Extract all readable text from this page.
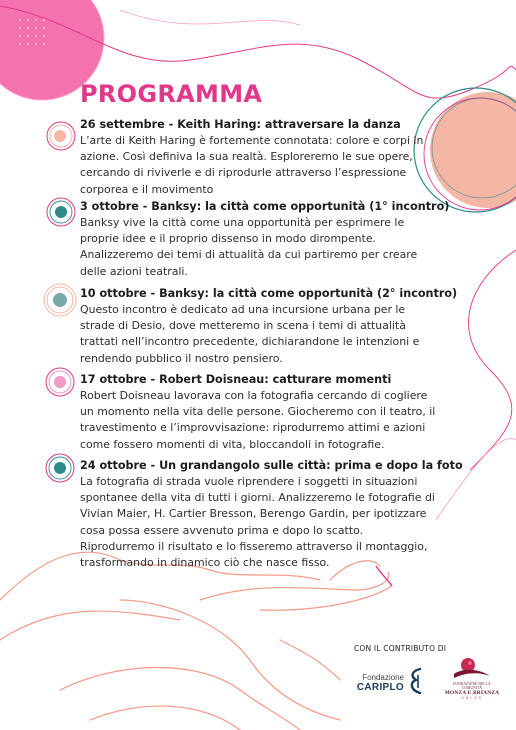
PROGRAMMA
26 settembre - Keith Haring: attraversare la danza
L’arte di Keith Haring è fortemente connotata: colore e corpi in
azione. Così definiva la sua realtà. Esploreremo le sue opere,
cercando di riviverle e di riprodurle attraverso l’espressione
corporea e il movimento
3 ottobre - Banksy: la città come opportunità (1° incontro)
Banksy vive la città come una opportunità per esprimere le
proprie idee e il proprio dissenso in modo dirompente.
Analizzeremo dei temi di attualità da cui partiremo per creare
delle azioni teatrali.
10 ottobre - Banksy: la città come opportunità (2° incontro)
Questo incontro è dedicato ad una incursione urbana per le
strade di Desio, dove metteremo in scena i temi di attualità
trattati nell’incontro precedente, dichiarandone le intenzioni e
rendendo pubblico il nostro pensiero.
17 ottobre - Robert Doisneau: catturare momenti
Robert Doisneau lavorava con la fotografia cercando di cogliere
un momento nella vita delle persone. Giocheremo con il teatro, il
travestimento e l’improvvisazione: riprodurremo attimi e azioni
come fossero momenti di vita, bloccandoli in fotografie.
24 ottobre - Un grandangolo sulle città: prima e dopo la foto
La fotografia di strada vuole riprendere i soggetti in situazioni
spontanee della vita di tutti i giorni. Analizzeremo le fotografie di
Vivian Maier, H. Cartier Bresson, Berengo Gardin, per ipotizzare
cosa possa essere avvenuto prima e dopo lo scatto.
Riprodurremo il risultato e lo fisseremo attraverso il montaggio,
trasformando in dinamico ciò che nasce fisso.
CON IL CONTRIBUTO DI
Fondazione
CARIPLO	FONDAZIONE DELLA COMUNITÀ
MONZA E BRIANZA
ONLUS
